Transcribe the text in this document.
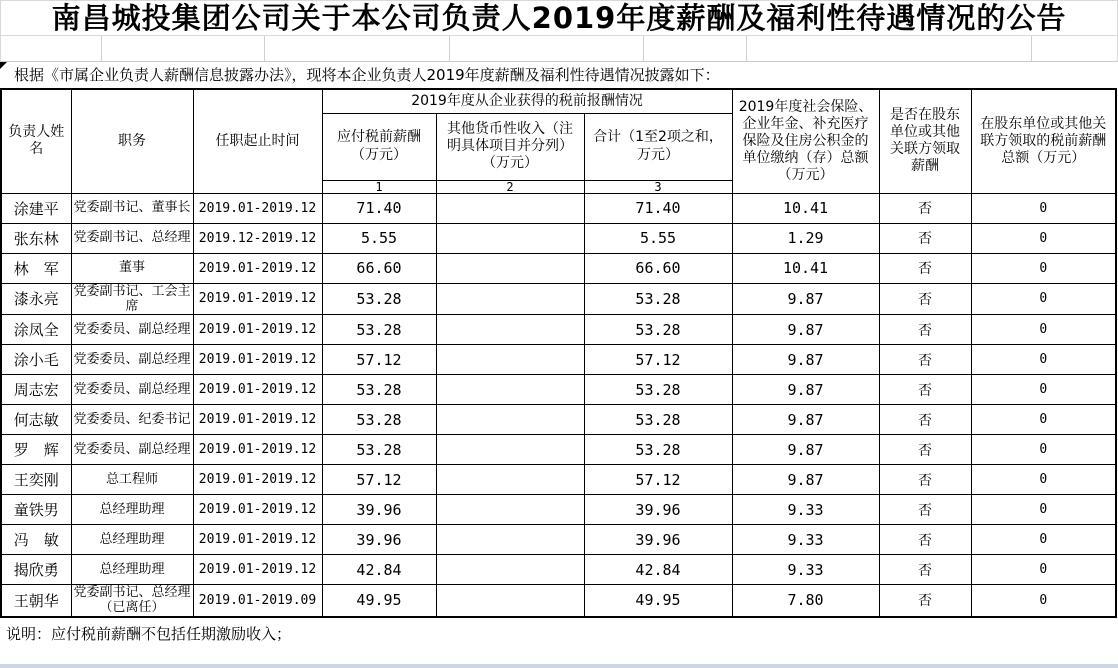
南昌城投集团公司关于本公司负责人2019年度薪酬及福利性待遇情况的公告
根据《市属企业负责人薪酬信息披露办法》，现将本企业负责人2019年度薪酬及福利性待遇情况披露如下：
负责人姓名	职务	任职起止时间	2019年度从企业获得的税前报酬情况			2019年度社会保险、企业年金、补充医疗保险及住房公积金的单位缴纳（存）总额（万元）	是否在股东单位或其他关联方领取薪酬	在股东单位或其他关联方领取的税前薪酬总额（万元）
			应付税前薪酬（万元）	其他货币性收入（注明具体项目并分列）（万元）	合计（1至2项之和，万元）			
			1	2	3			
涂建平	党委副书记、董事长	2019.01-2019.12	71.40		71.40	10.41	否	0
张东林	党委副书记、总经理	2019.12-2019.12	5.55		5.55	1.29	否	0
林　军	董事	2019.01-2019.12	66.60		66.60	10.41	否	0
漆永亮	党委副书记、工会主席	2019.01-2019.12	53.28		53.28	9.87	否	0
涂凤全	党委委员、副总经理	2019.01-2019.12	53.28		53.28	9.87	否	0
涂小毛	党委委员、副总经理	2019.01-2019.12	57.12		57.12	9.87	否	0
周志宏	党委委员、副总经理	2019.01-2019.12	53.28		53.28	9.87	否	0
何志敏	党委委员、纪委书记	2019.01-2019.12	53.28		53.28	9.87	否	0
罗　辉	党委委员、副总经理	2019.01-2019.12	53.28		53.28	9.87	否	0
王奕刚	总工程师	2019.01-2019.12	57.12		57.12	9.87	否	0
童铁男	总经理助理	2019.01-2019.12	39.96		39.96	9.33	否	0
冯　敏	总经理助理	2019.01-2019.12	39.96		39.96	9.33	否	0
揭欣勇	总经理助理	2019.01-2019.12	42.84		42.84	9.33	否	0
王朝华	党委副书记、总经理（已离任）	2019.01-2019.09	49.95		49.95	7.80	否	0
说明：应付税前薪酬不包括任期激励收入；
